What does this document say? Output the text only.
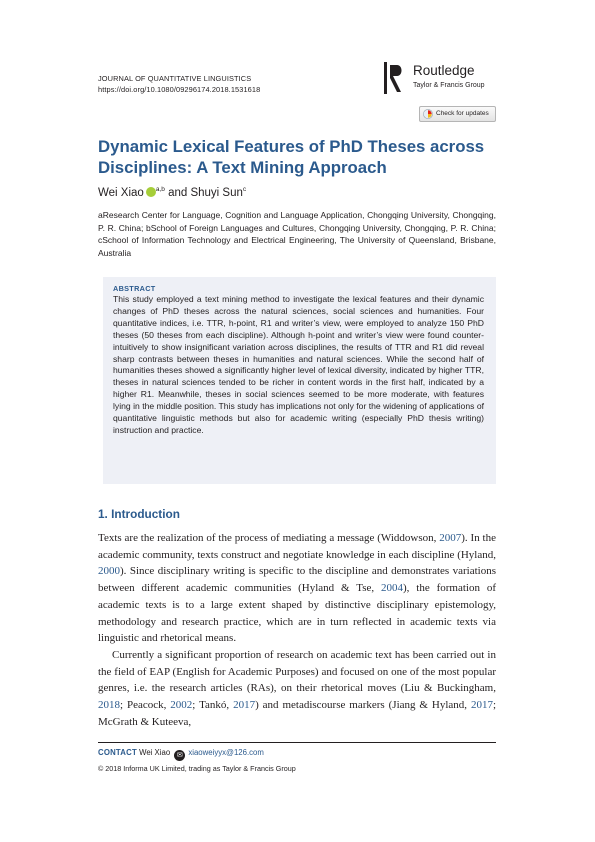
JOURNAL OF QUANTITATIVE LINGUISTICS
https://doi.org/10.1080/09296174.2018.1531618
Routledge
Taylor & Francis Group
Check for updates
Dynamic Lexical Features of PhD Theses across Disciplines: A Text Mining Approach
Wei Xiao $^{a,b}$ and Shuyi Sun$^c$
aResearch Center for Language, Cognition and Language Application, Chongqing University, Chongqing, P. R. China; bSchool of Foreign Languages and Cultures, Chongqing University, Chongqing, P. R. China; cSchool of Information Technology and Electrical Engineering, The University of Queensland, Brisbane, Australia
ABSTRACT
This study employed a text mining method to investigate the lexical features and their dynamic changes of PhD theses across the natural sciences, social sciences and humanities. Four quantitative indices, i.e. TTR, h-point, R1 and writer’s view, were employed to analyze 150 PhD theses (50 theses from each discipline). Although h-point and writer’s view were found counter-intuitively to show insignificant variation across disciplines, the results of TTR and R1 did reveal sharp contrasts between theses in humanities and natural sciences. While the second half of humanities theses showed a significantly higher level of lexical diversity, indicated by higher TTR, theses in natural sciences tended to be richer in content words in the first half, indicated by a higher R1. Meanwhile, theses in social sciences seemed to be more moderate, with features lying in the middle position. This study has implications not only for the widening of applications of quantitative linguistic methods but also for academic writing (especially PhD thesis writing) instruction and practice.
1. Introduction

Texts are the realization of the process of mediating a message (Widdowson, 2007). In the academic community, texts construct and negotiate knowledge in each discipline (Hyland, 2000). Since disciplinary writing is specific to the discipline and demonstrates variations between different academic communities (Hyland & Tse, 2004), the formation of academic texts is to a large extent shaped by distinctive disciplinary epistemology, methodology and research practice, which are in turn reflected in academic texts via linguistic and rhetorical means.

Currently a significant proportion of research on academic text has been carried out in the field of EAP (English for Academic Purposes) and focused on one of the most popular genres, i.e. the research articles (RAs), on their rhetorical moves (Liu & Buckingham, 2018; Peacock, 2002; Tankó, 2017) and metadiscourse markers (Jiang & Hyland, 2017; McGrath & Kuteeva,

CONTACT Wei Xiao ✉ xiaoweiyyx@126.com
© 2018 Informa UK Limited, trading as Taylor & Francis Group
